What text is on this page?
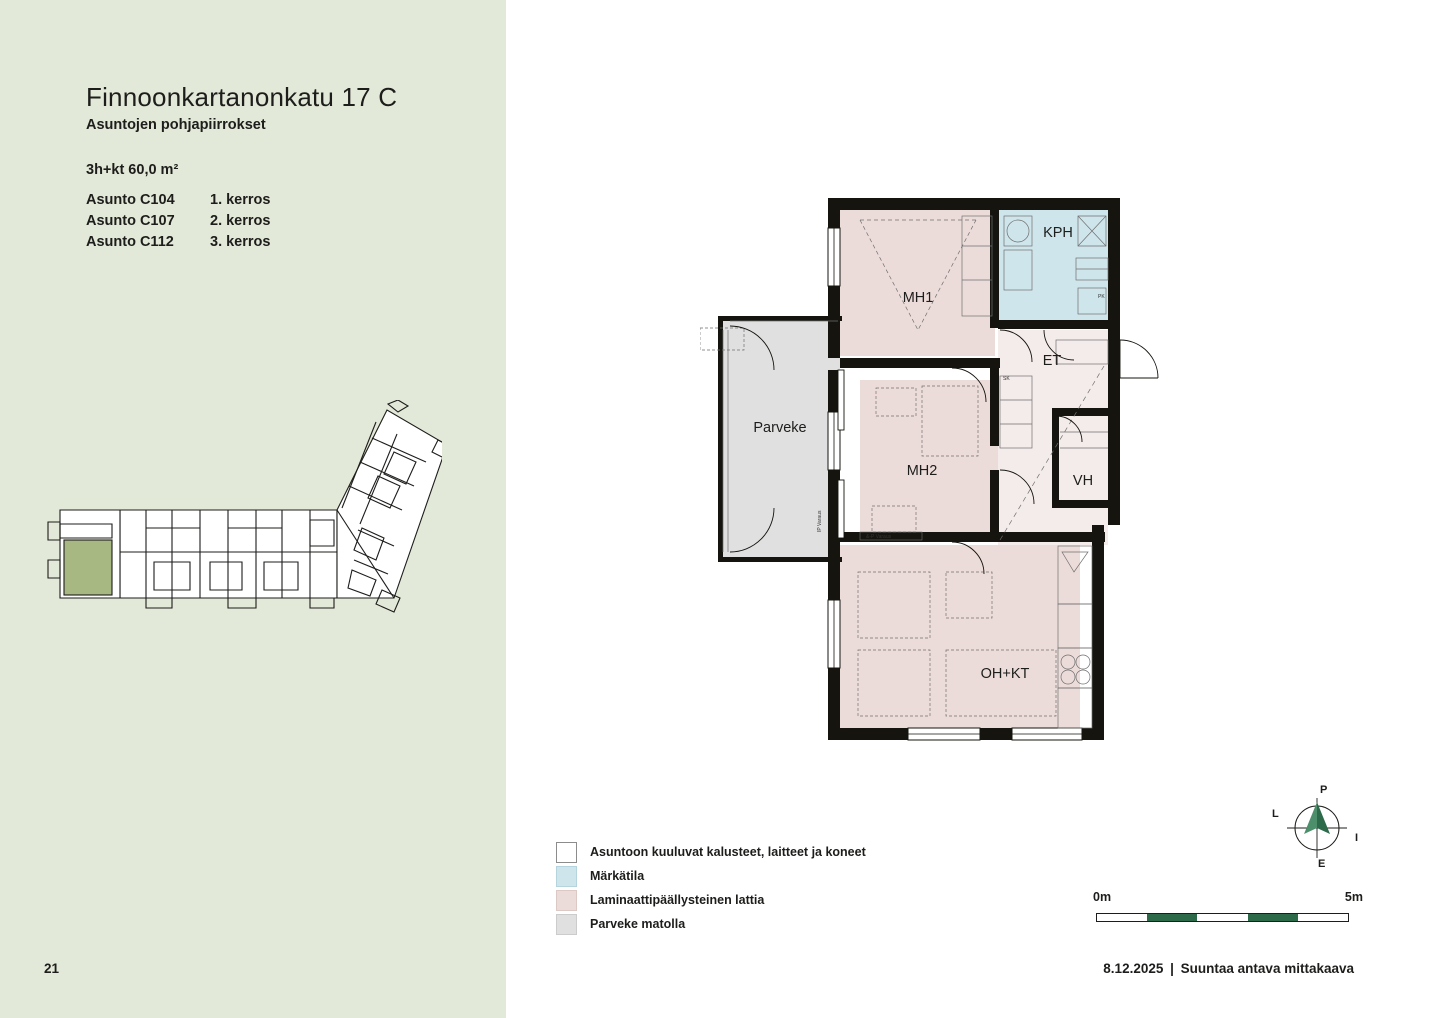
Finnoonkartanonkatu 17 C
Asuntojen pohjapiirrokset
3h+kt 60,0 m²
Asunto C104	1. kerros
Asunto C107	2. kerros
Asunto C112	3. kerros
MH1
MH2
KPH
ET
VH
OH+KT
Parveke
SK
PK
IP Varaus
&-P Varaus
Asuntoon kuuluvat kalusteet, laitteet ja koneet
Märkätila
Laminaattipäällysteinen lattia
Parveke matolla
P
I
E
L
0m	5m
21	8.12.2025 | Suuntaa antava mittakaava
